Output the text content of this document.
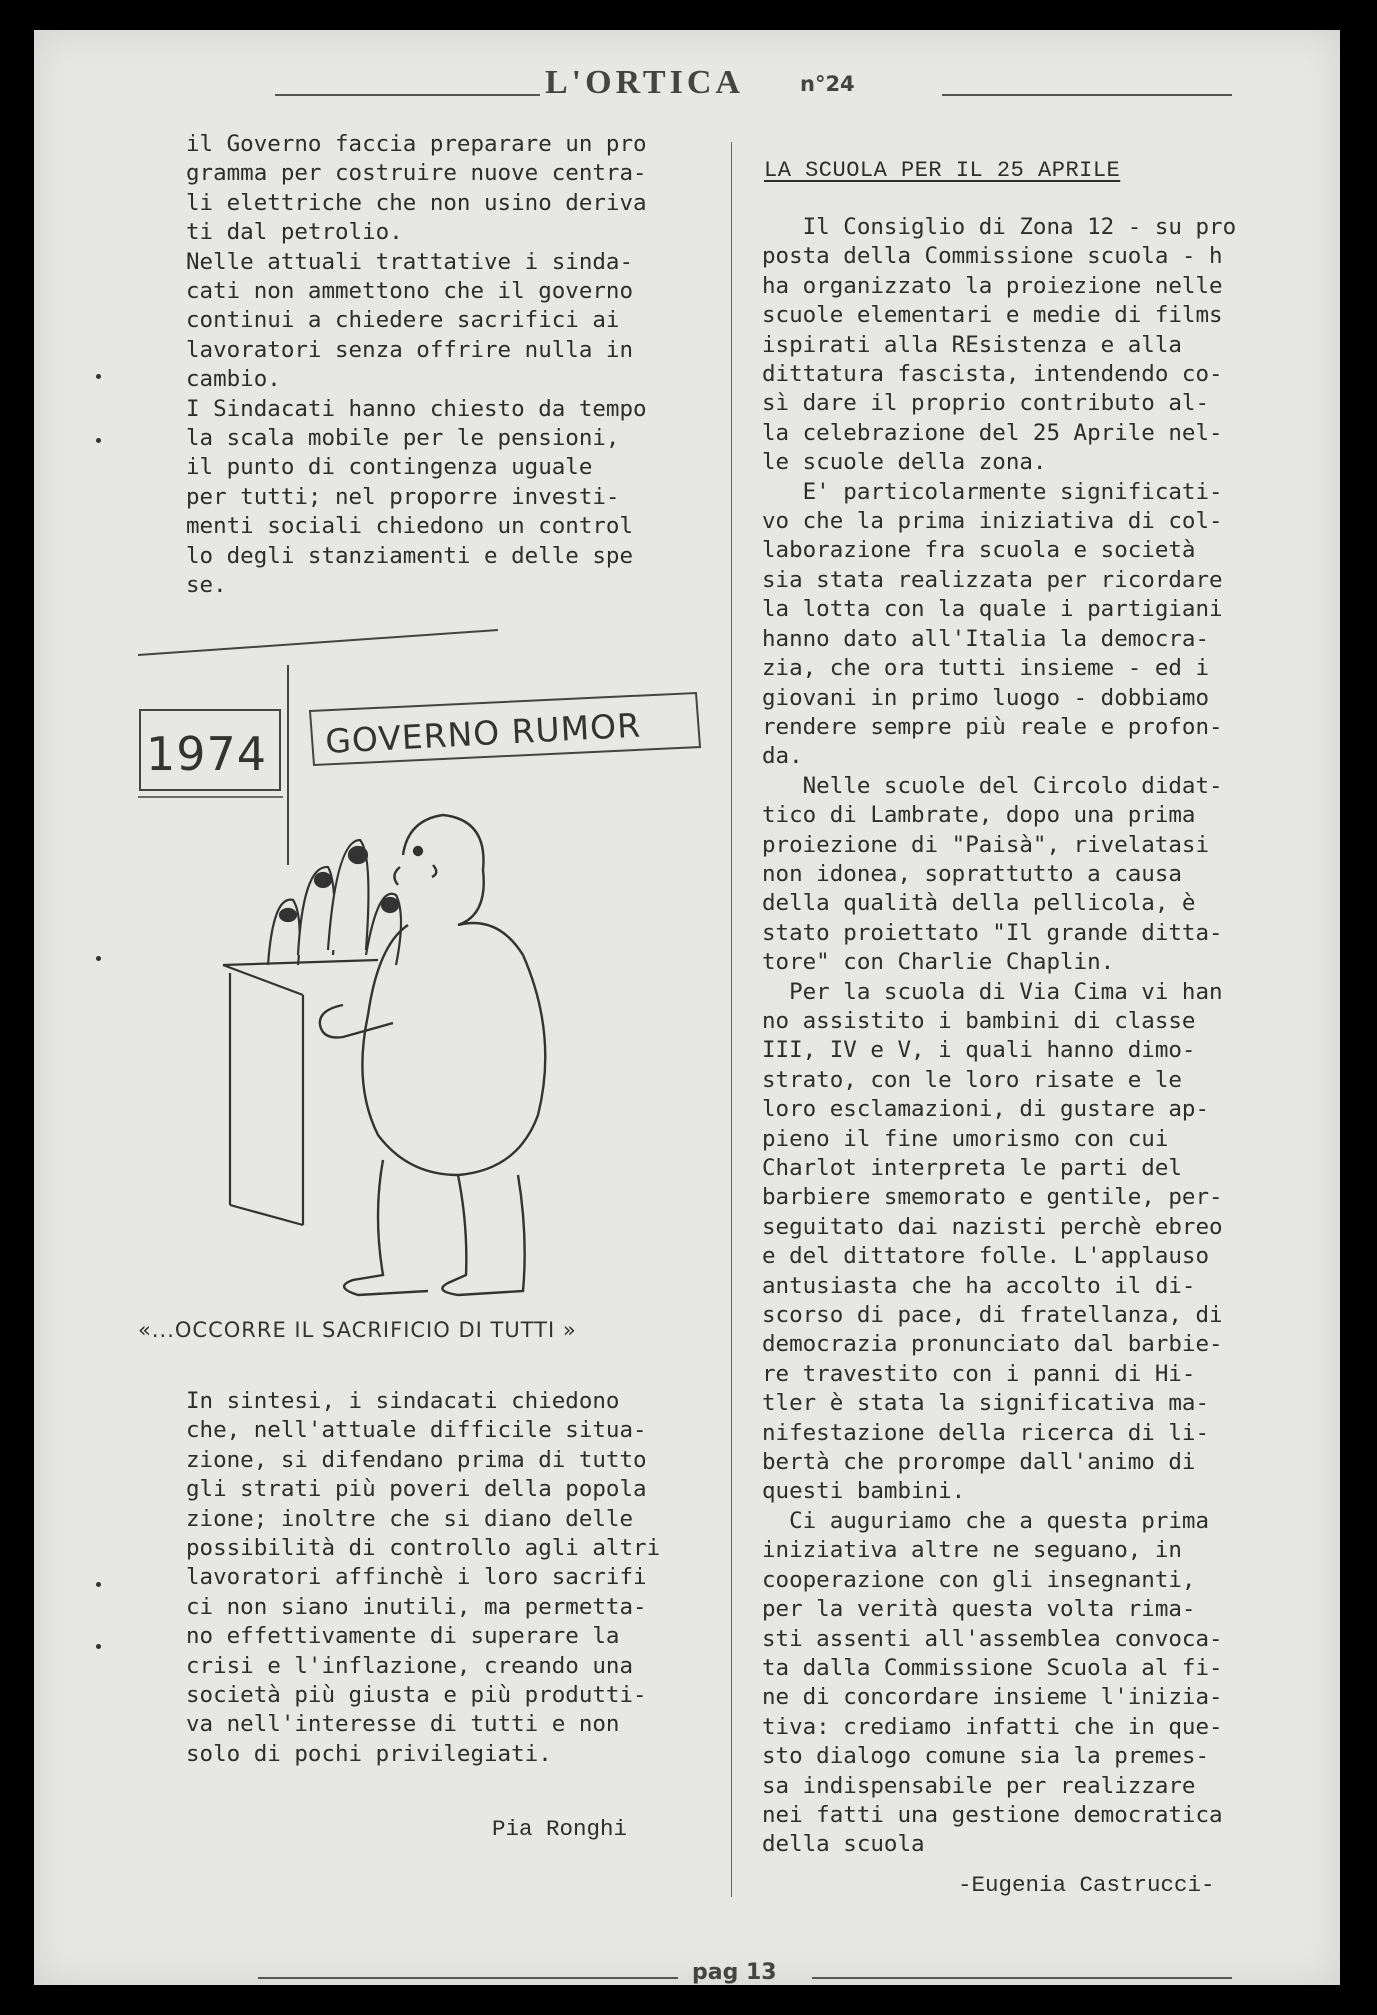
L'ORTICA	n°24
il Governo faccia preparare un pro
gramma per costruire nuove centra-
li elettriche che non usino deriva
ti dal petrolio.
Nelle attuali trattative i sinda-
cati non ammettono che il governo
continui a chiedere sacrifici ai
lavoratori senza offrire nulla in
cambio.
I Sindacati hanno chiesto da tempo
la scala mobile per le pensioni,
il punto di contingenza uguale
per tutti; nel proporre investi-
menti sociali chiedono un control
lo degli stanziamenti e delle spe
se.
1974 GOVERNO RUMOR
«...OCCORRE IL SACRIFICIO DI TUTTI »
In sintesi, i sindacati chiedono
che, nell'attuale difficile situa-
zione, si difendano prima di tutto
gli strati più poveri della popola
zione; inoltre che si diano delle
possibilità di controllo agli altri
lavoratori affinchè i loro sacrifi
ci non siano inutili, ma permetta-
no effettivamente di superare la
crisi e l'inflazione, creando una
società più giusta e più produtti-
va nell'interesse di tutti e non
solo di pochi privilegiati.
Pia Ronghi
LA SCUOLA PER IL 25 APRILE
Il Consiglio di Zona 12 - su pro
posta della Commissione scuola - h
ha organizzato la proiezione nelle
scuole elementari e medie di films
ispirati alla REsistenza e alla
dittatura fascista, intendendo co-
sì dare il proprio contributo al-
la celebrazione del 25 Aprile nel-
le scuole della zona.
E' particolarmente significati-
vo che la prima iniziativa di col-
laborazione fra scuola e società
sia stata realizzata per ricordare
la lotta con la quale i partigiani
hanno dato all'Italia la democra-
zia, che ora tutti insieme - ed i
giovani in primo luogo - dobbiamo
rendere sempre più reale e profon-
da.
Nelle scuole del Circolo didat-
tico di Lambrate, dopo una prima
proiezione di "Paisà", rivelatasi
non idonea, soprattutto a causa
della qualità della pellicola, è
stato proiettato "Il grande ditta-
tore" con Charlie Chaplin.
Per la scuola di Via Cima vi han
no assistito i bambini di classe
III, IV e V, i quali hanno dimo-
strato, con le loro risate e le
loro esclamazioni, di gustare ap-
pieno il fine umorismo con cui
Charlot interpreta le parti del
barbiere smemorato e gentile, per-
seguitato dai nazisti perchè ebreo
e del dittatore folle. L'applauso
antusiasta che ha accolto il di-
scorso di pace, di fratellanza, di
democrazia pronunciato dal barbie-
re travestito con i panni di Hi-
tler è stata la significativa ma-
nifestazione della ricerca di li-
bertà che prorompe dall'animo di
questi bambini.
Ci auguriamo che a questa prima
iniziativa altre ne seguano, in
cooperazione con gli insegnanti,
per la verità questa volta rima-
sti assenti all'assemblea convoca-
ta dalla Commissione Scuola al fi-
ne di concordare insieme l'inizia-
tiva: crediamo infatti che in que-
sto dialogo comune sia la premes-
sa indispensabile per realizzare
nei fatti una gestione democratica
della scuola
-Eugenia Castrucci-
pag 13
